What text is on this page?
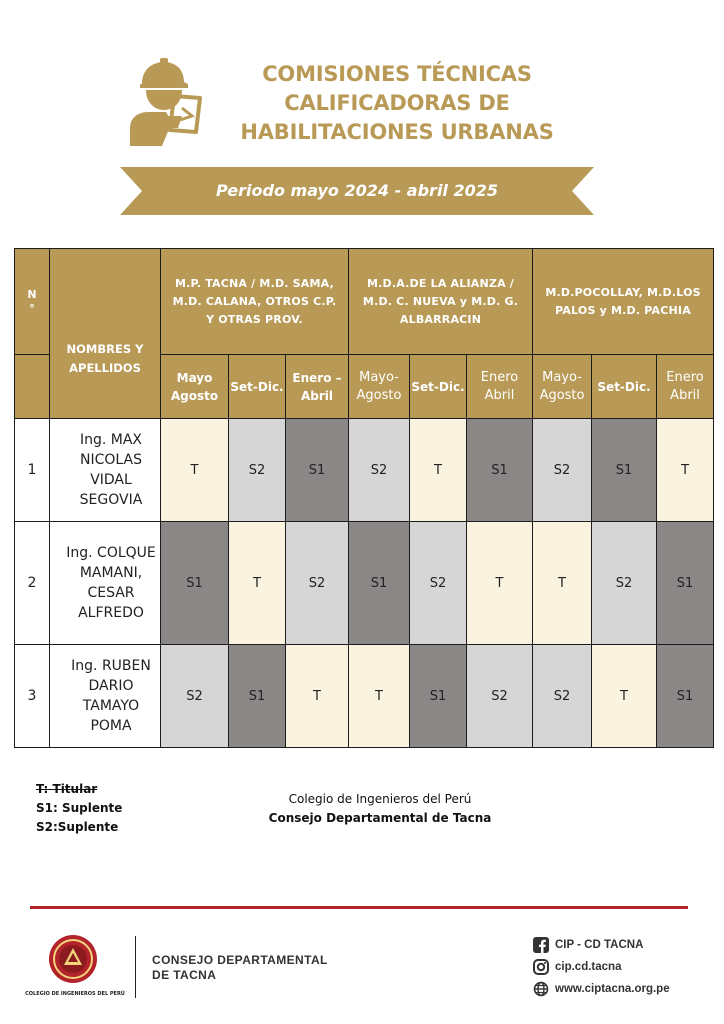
COMISIONES TÉCNICAS
CALIFICADORAS DE
HABILITACIONES URBANAS
Periodo mayo 2024 - abril 2025
N
°	NOMBRES Y APELLIDOS	M.P. TACNA / M.D. SAMA, M.D. CALANA, OTROS C.P. Y OTRAS PROV.			M.D.A.DE LA ALIANZA / M.D. C. NUEVA y M.D. G. ALBARRACIN			M.D.POCOLLAY, M.D.LOS PALOS y M.D. PACHIA		
		Mayo Agosto	Set-Dic.	Enero –Abril	Mayo-Agosto	Set-Dic.	Enero Abril	Mayo-Agosto	Set-Dic.	Enero Abril
1	Ing. MAX NICOLAS VIDAL SEGOVIA	T	S2	S1	S2	T	S1	S2	S1	T
2	Ing. COLQUE MAMANI, CESAR ALFREDO	S1	T	S2	S1	S2	T	T	S2	S1
3	Ing. RUBEN DARIO TAMAYO POMA	S2	S1	T	T	S1	S2	S2	T	S1
T: Titular
S1: Suplente
S2:Suplente
Colegio de Ingenieros del Perú
Consejo Departamental de Tacna
COLEGIO DE INGENIEROS DEL PERÚ
CONSEJO DEPARTAMENTAL
DE TACNA
CIP - CD TACNA
cip.cd.tacna
www.ciptacna.org.pe
